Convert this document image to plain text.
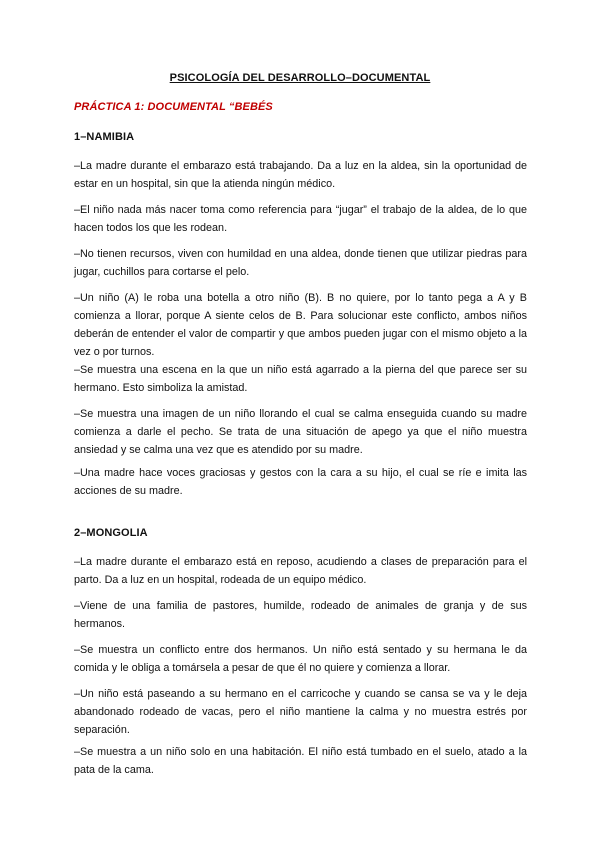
PSICOLOGÍA DEL DESARROLLO–DOCUMENTAL
PRÁCTICA 1: DOCUMENTAL “BEBÉS
1–NAMIBIA

–La madre durante el embarazo está trabajando. Da a luz en la aldea, sin la oportunidad de estar en un hospital, sin que la atienda ningún médico.

–El niño nada más nacer toma como referencia para “jugar” el trabajo de la aldea, de lo que hacen todos los que les rodean.

–No tienen recursos, viven con humildad en una aldea, donde tienen que utilizar piedras para jugar, cuchillos para cortarse el pelo.

–Un niño (A) le roba una botella a otro niño (B). B no quiere, por lo tanto pega a A y B comienza a llorar, porque A siente celos de B. Para solucionar este conflicto, ambos niños deberán de entender el valor de compartir y que ambos pueden jugar con el mismo objeto a la vez o por turnos.

–Se muestra una escena en la que un niño está agarrado a la pierna del que parece ser su hermano. Esto simboliza la amistad.

–Se muestra una imagen de un niño llorando el cual se calma enseguida cuando su madre comienza a darle el pecho. Se trata de una situación de apego ya que el niño muestra ansiedad y se calma una vez que es atendido por su madre.

–Una madre hace voces graciosas y gestos con la cara a su hijo, el cual se ríe e imita las acciones de su madre.

2–MONGOLIA

–La madre durante el embarazo está en reposo, acudiendo a clases de preparación para el parto. Da a luz en un hospital, rodeada de un equipo médico.

–Viene de una familia de pastores, humilde, rodeado de animales de granja y de sus hermanos.

–Se muestra un conflicto entre dos hermanos. Un niño está sentado y su hermana le da comida y le obliga a tomársela a pesar de que él no quiere y comienza a llorar.

–Un niño está paseando a su hermano en el carricoche y cuando se cansa se va y le deja abandonado rodeado de vacas, pero el niño mantiene la calma y no muestra estrés por separación.

–Se muestra a un niño solo en una habitación. El niño está tumbado en el suelo, atado a la pata de la cama.
